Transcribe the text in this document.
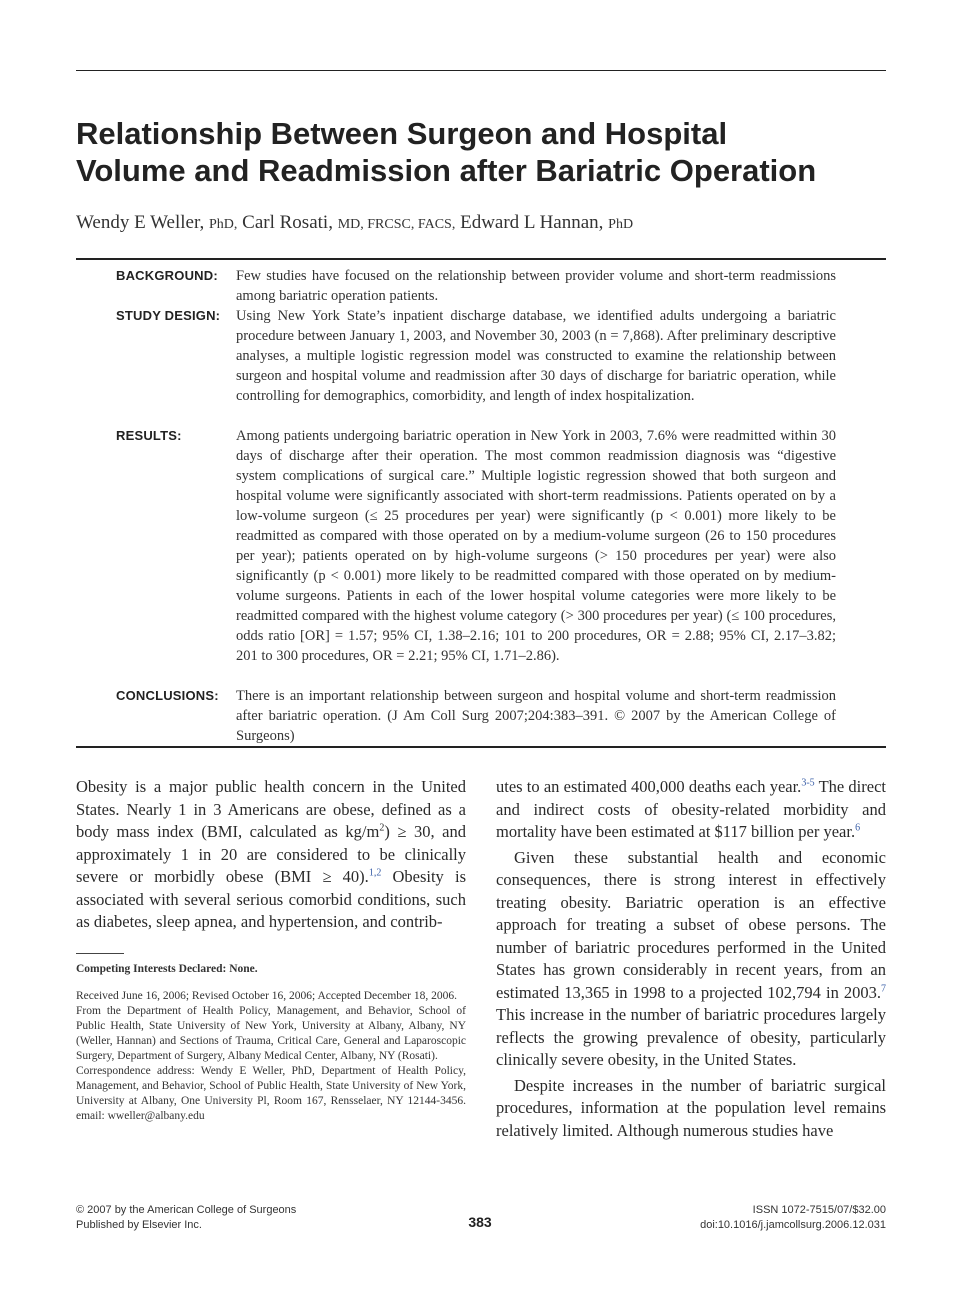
Relationship Between Surgeon and Hospital
Volume and Readmission after Bariatric Operation
Wendy E Weller, PhD, Carl Rosati, MD, FRCSC, FACS, Edward L Hannan, PhD
BACKGROUND:	Few studies have focused on the relationship between provider volume and short-term readmissions among bariatric operation patients.
STUDY DESIGN:	Using New York State’s inpatient discharge database, we identified adults undergoing a bariatric procedure between January 1, 2003, and November 30, 2003 (n = 7,868). After preliminary descriptive analyses, a multiple logistic regression model was constructed to examine the relationship between surgeon and hospital volume and readmission after 30 days of discharge for bariatric operation, while controlling for demographics, comorbidity, and length of index hospitalization.
RESULTS:	Among patients undergoing bariatric operation in New York in 2003, 7.6% were readmitted within 30 days of discharge after their operation. The most common readmission diagnosis was “digestive system complications of surgical care.” Multiple logistic regression showed that both surgeon and hospital volume were significantly associated with short-term readmissions. Patients operated on by a low-volume surgeon (≤ 25 procedures per year) were significantly (p < 0.001) more likely to be readmitted as compared with those operated on by a medium-volume surgeon (26 to 150 procedures per year); patients operated on by high-volume surgeons (> 150 procedures per year) were also significantly (p < 0.001) more likely to be readmitted compared with those operated on by medium-volume surgeons. Patients in each of the lower hospital volume categories were more likely to be readmitted compared with the highest volume category (> 300 procedures per year) (≤ 100 procedures, odds ratio [OR] = 1.57; 95% CI, 1.38–2.16; 101 to 200 procedures, OR = 2.88; 95% CI, 2.17–3.82; 201 to 300 procedures, OR = 2.21; 95% CI, 1.71–2.86).
CONCLUSIONS:	There is an important relationship between surgeon and hospital volume and short-term readmission after bariatric operation. (J Am Coll Surg 2007;204:383–391. © 2007 by the American College of Surgeons)

Obesity is a major public health concern in the United States. Nearly 1 in 3 Americans are obese, defined as a body mass index (BMI, calculated as $kg/m^2) \ge 30$, and approximately 1 in 20 are considered to be clinically severe or morbidly obese (BMI ≥ 40).$^{1,2}$ Obesity is associated with several serious comorbid conditions, such as diabetes, sleep apnea, and hypertension, and contrib-

utes to an estimated 400,000 deaths each year.$^{3-5}$ The direct and indirect costs of obesity-related morbidity and mortality have been estimated at $117 billion per year.$^6$

Given these substantial health and economic consequences, there is strong interest in effectively treating obesity. Bariatric operation is an effective approach for treating a subset of obese persons. The number of bariatric procedures performed in the United States has grown considerably in recent years, from an estimated 13,365 in 1998 to a projected 102,794 in 2003.$^7$ This increase in the number of bariatric procedures largely reflects the growing prevalence of obesity, particularly clinically severe obesity, in the United States.

Despite increases in the number of bariatric surgical procedures, information at the population level remains relatively limited. Although numerous studies have

Competing Interests Declared: None.

Received June 16, 2006; Revised October 16, 2006; Accepted December 18, 2006.

From the Department of Health Policy, Management, and Behavior, School of Public Health, State University of New York, University at Albany, Albany, NY (Weller, Hannan) and Sections of Trauma, Critical Care, General and Laparoscopic Surgery, Department of Surgery, Albany Medical Center, Albany, NY (Rosati).

Correspondence address: Wendy E Weller, PhD, Department of Health Policy, Management, and Behavior, School of Public Health, State University of New York, University at Albany, One University Pl, Room 167, Rensselaer, NY 12144-3456. email: wweller@albany.edu

© 2007 by the American College of Surgeons
Published by Elsevier Inc.	383
ISSN 1072-7515/07/$32.00
doi:10.1016/j.jamcollsurg.2006.12.031
